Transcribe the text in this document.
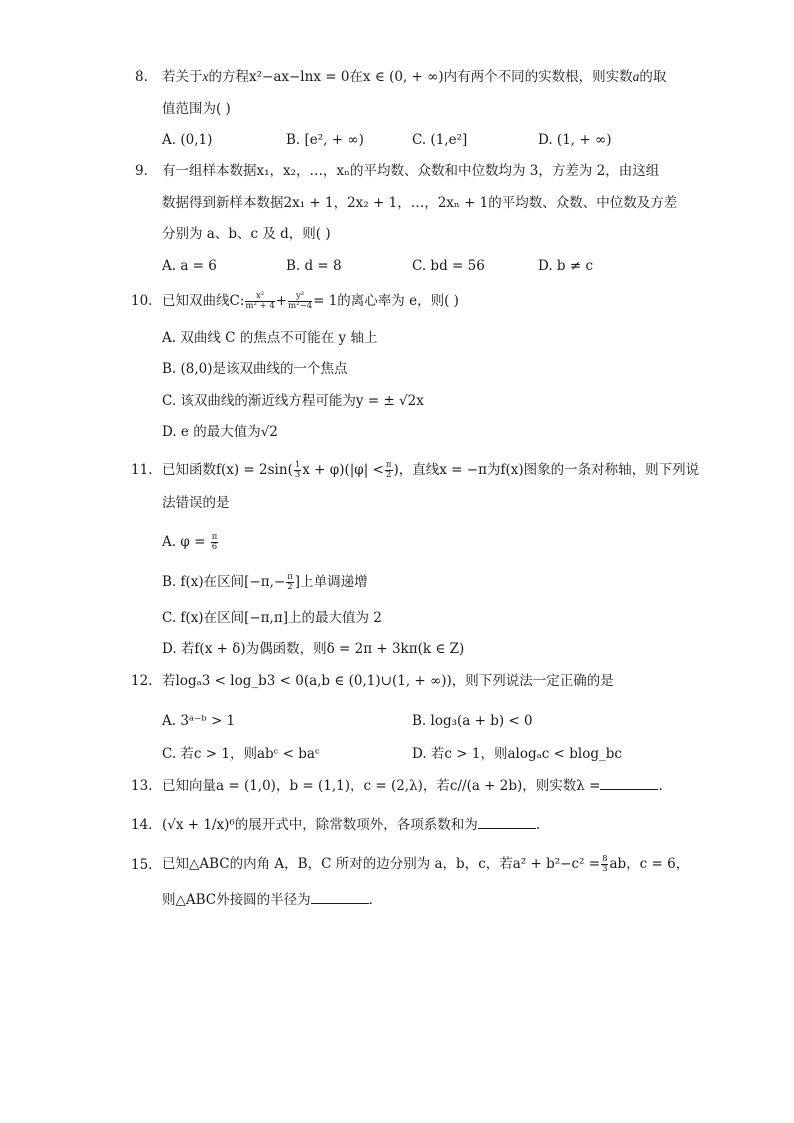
8. 若关于x的方程x²−ax−lnx = 0在x ∈ (0, + ∞)内有两个不同的实数根，则实数a的取
值范围为( )
A. (0,1)	B. [e², + ∞)	C. (1,e²]	D. (1, + ∞)
9. 有一组样本数据x₁，x₂，…，xₙ的平均数、众数和中位数均为 3，方差为 2，由这组
数据得到新样本数据2x₁ + 1，2x₂ + 1，…，2xₙ + 1的平均数、众数、中位数及方差
分别为 a、b、c 及 d，则( )
A. a = 6	B. d = 8	C. bd = 56	D. b ≠ c
10. 已知双曲线C: $\frac{\text{x²}}{\text{m² + 4}} + \frac{\text{y²}}{\text{m²−4}} = 1$的离心率为 e，则( )
A. 双曲线 C 的焦点不可能在 y 轴上
B. (8,0)是该双曲线的一个焦点
C. 该双曲线的渐近线方程可能为y = ± √2x
D. e 的最大值为√2
11. 已知函数$f(x) = 2\sin( \frac{1}{3}$ $x + \varphi)(|\varphi| < \frac{\pi}{2}$ )，直线x = −π为f(x)图象的一条对称轴，则下列说
法错误的是
A. $\varphi = \frac{\pi}{6}$
B. f(x)在区间[$-\pi,- \frac{\pi}{2}$ ]上单调递增
C. f(x)在区间[−π,π]上的最大值为 2
D. 若f(x + δ)为偶函数，则δ = 2π + 3kπ(k ∈ Z)
12. 若logₐ3 < log_b3 < 0(a,b ∈ (0,1)∪(1, + ∞))，则下列说法一定正确的是
A. 3ᵃ⁻ᵇ > 1	B. log₃(a + b) < 0
C. 若c > 1，则abᶜ < baᶜ	D. 若c > 1，则alogₐc < blog_bc
13. 已知向量a = (1,0)，b = (1,1)，c = (2,λ)，若c//(a + 2b)，则实数λ =	.
14. (√x + 1/x)⁶的展开式中，除常数项外，各项系数和为	.
15. 已知△ABC的内角 A，B，C 所对的边分别为 a，b，c，若$a^2 + b^2-c^2 = \frac{8}{3}$ ab，c = 6，
则△ABC外接圆的半径为	.
